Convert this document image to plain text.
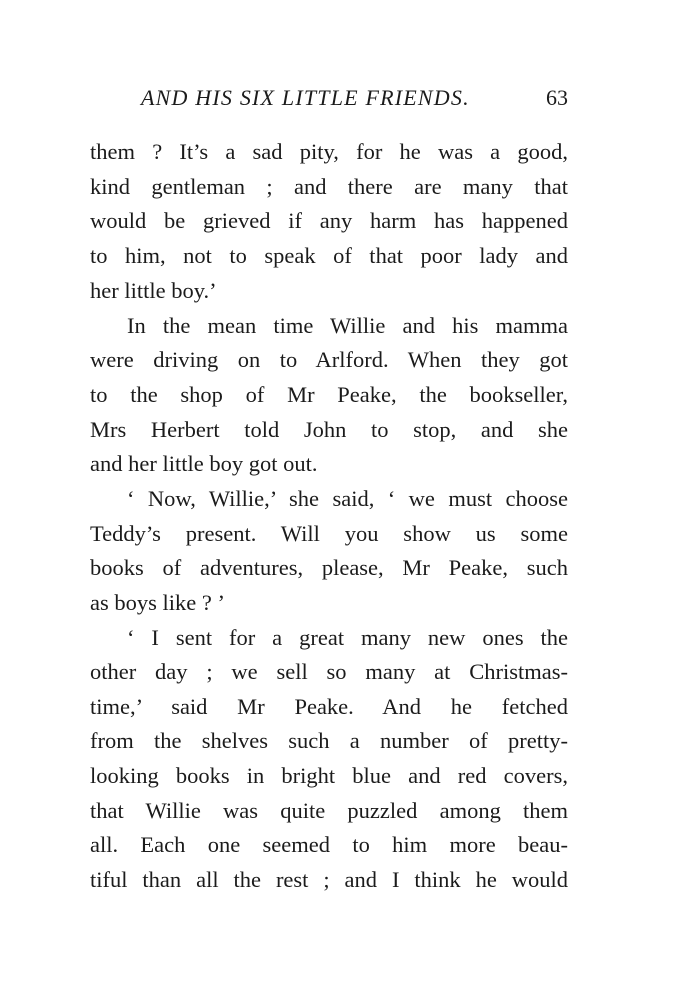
AND HIS SIX LITTLE FRIENDS.	63
them ? It’s a sad pity, for he was a good,
kind gentleman ; and there are many that
would be grieved if any harm has happened
to him, not to speak of that poor lady and
her little boy.’
In the mean time Willie and his mamma
were driving on to Arlford. When they got
to the shop of Mr Peake, the bookseller,
Mrs Herbert told John to stop, and she
and her little boy got out.
‘ Now, Willie,’ she said, ‘ we must choose
Teddy’s present. Will you show us some
books of adventures, please, Mr Peake, such
as boys like ? ’
‘ I sent for a great many new ones the
other day ; we sell so many at Christmas-
time,’ said Mr Peake. And he fetched
from the shelves such a number of pretty-
looking books in bright blue and red covers,
that Willie was quite puzzled among them
all. Each one seemed to him more beau-
tiful than all the rest ; and I think he would
